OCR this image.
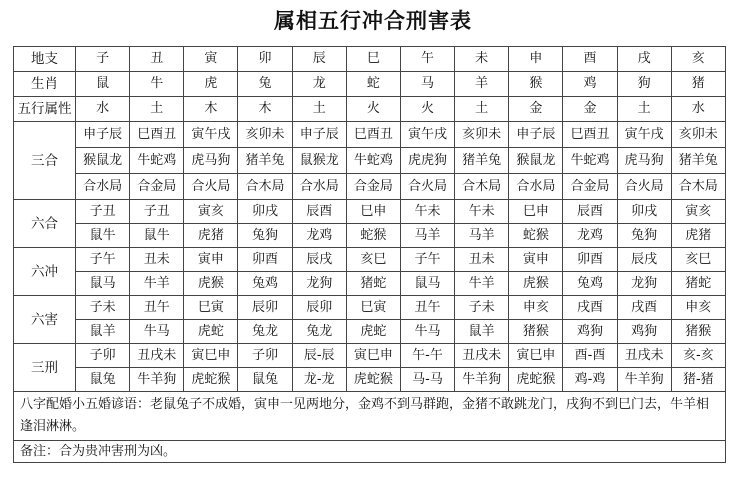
属相五行冲合刑害表
地支	子	丑	寅	卯	辰	巳	午	未	申	酉	戌	亥
生肖	鼠	牛	虎	兔	龙	蛇	马	羊	猴	鸡	狗	猪
五行属性	水	土	木	木	土	火	火	土	金	金	土	水
三合	申子辰	巳酉丑	寅午戌	亥卯未	申子辰	巳酉丑	寅午戌	亥卯未	申子辰	巳酉丑	寅午戌	亥卯未
	猴鼠龙	牛蛇鸡	虎马狗	猪羊兔	鼠猴龙	牛蛇鸡	虎虎狗	猪羊兔	猴鼠龙	牛蛇鸡	虎马狗	猪羊兔
	合水局	合金局	合火局	合木局	合水局	合金局	合火局	合木局	合水局	合金局	合火局	合木局
六合	子丑	子丑	寅亥	卯戌	辰酉	巳申	午未	午未	巳申	辰酉	卯戌	寅亥
	鼠牛	鼠牛	虎猪	兔狗	龙鸡	蛇猴	马羊	马羊	蛇猴	龙鸡	兔狗	虎猪
六冲	子午	丑未	寅申	卯酉	辰戌	亥巳	子午	丑未	寅申	卯酉	辰戌	亥巳
	鼠马	牛羊	虎猴	兔鸡	龙狗	猪蛇	鼠马	牛羊	虎猴	兔鸡	龙狗	猪蛇
六害	子未	丑午	巳寅	辰卯	辰卯	巳寅	丑午	子未	申亥	戌酉	戌酉	申亥
	鼠羊	牛马	虎蛇	兔龙	兔龙	虎蛇	牛马	鼠羊	猪猴	鸡狗	鸡狗	猪猴
三刑	子卯	丑戌未	寅巳申	子卯	辰-辰	寅巳申	午-午	丑戌未	寅巳申	酉-酉	丑戌未	亥-亥
	鼠兔	牛羊狗	虎蛇猴	鼠兔	龙-龙	虎蛇猴	马-马	牛羊狗	虎蛇猴	鸡-鸡	牛羊狗	猪-猪
八字配婚小五婚谚语：老鼠兔子不成婚，寅申一见两地分，金鸡不到马群跑，金猪不敢跳龙门，戌狗不到巳门去，牛羊相逢泪淋淋。												
备注：合为贵冲害刑为凶。												
